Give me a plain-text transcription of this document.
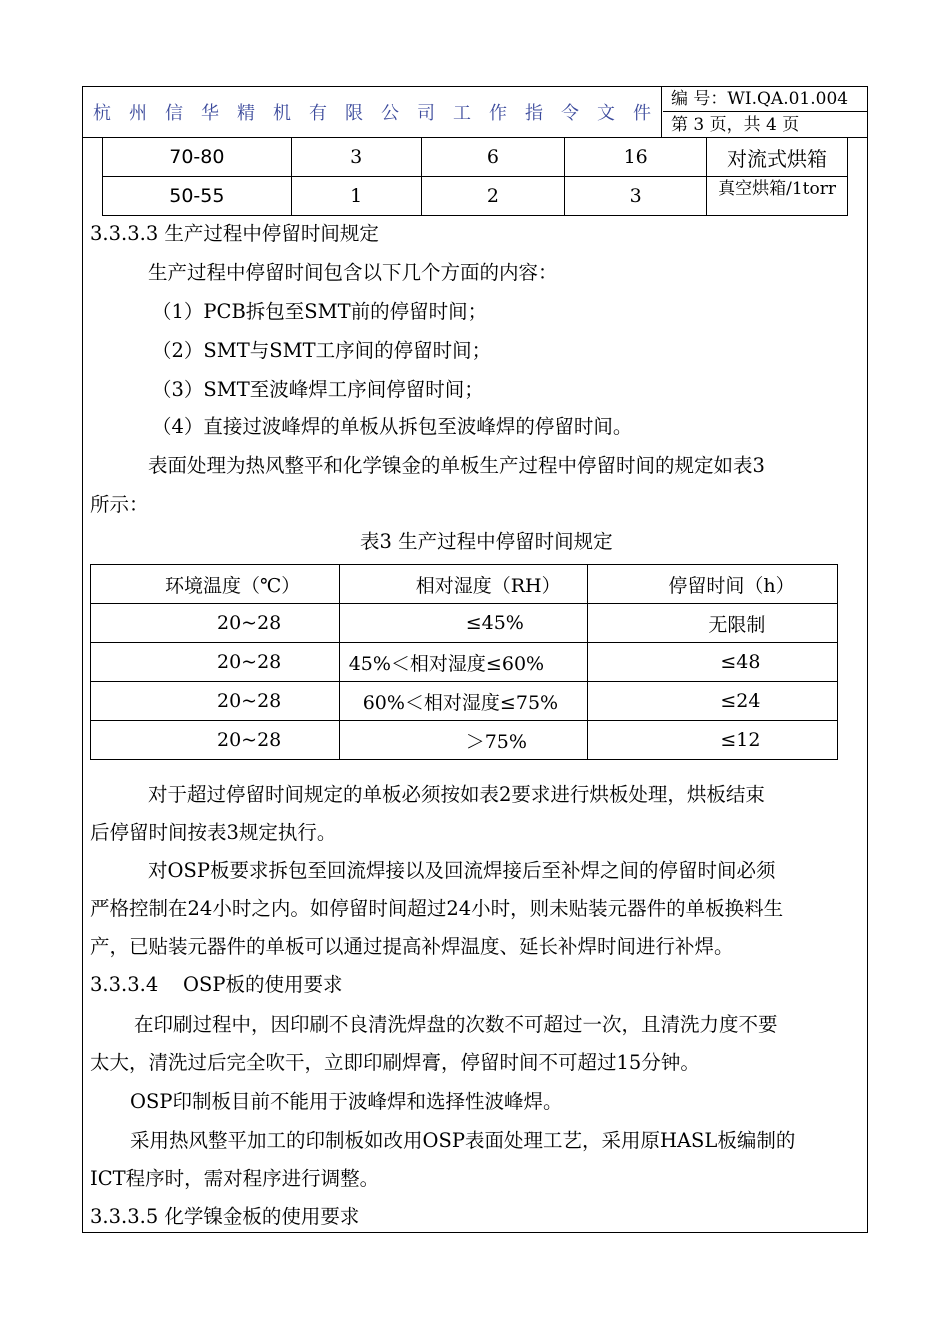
杭 州 信 华 精 机 有 限 公 司 工 作 指 令 文 件
编 号：WI.QA.01.004
第 3 页，共 4 页
70-80	3	6	16	对流式烘箱
50-55	1	2	3	真空烘箱/1torr
3.3.3.3 生产过程中停留时间规定
生产过程中停留时间包含以下几个方面的内容：
（1）PCB拆包至SMT前的停留时间；
（2）SMT与SMT工序间的停留时间；
（3）SMT至波峰焊工序间停留时间；
（4）直接过波峰焊的单板从拆包至波峰焊的停留时间。
表面处理为热风整平和化学镍金的单板生产过程中停留时间的规定如表3
所示：
表3 生产过程中停留时间规定
环境温度（℃）	相对湿度（RH）	停留时间（h）
20~28	≤45%	无限制
20~28	45%＜相对湿度≤60%	≤48
20~28	60%＜相对湿度≤75%	≤24
20~28	＞75%	≤12
对于超过停留时间规定的单板必须按如表2要求进行烘板处理，烘板结束
后停留时间按表3规定执行。
对OSP板要求拆包至回流焊接以及回流焊接后至补焊之间的停留时间必须
严格控制在24小时之内。如停留时间超过24小时，则未贴装元器件的单板换料生
产，已贴装元器件的单板可以通过提高补焊温度、延长补焊时间进行补焊。
3.3.3.4    OSP板的使用要求
在印刷过程中，因印刷不良清洗焊盘的次数不可超过一次，且清洗力度不要
太大，清洗过后完全吹干，立即印刷焊膏，停留时间不可超过15分钟。
OSP印制板目前不能用于波峰焊和选择性波峰焊。
采用热风整平加工的印制板如改用OSP表面处理工艺，采用原HASL板编制的
ICT程序时，需对程序进行调整。
3.3.3.5 化学镍金板的使用要求
